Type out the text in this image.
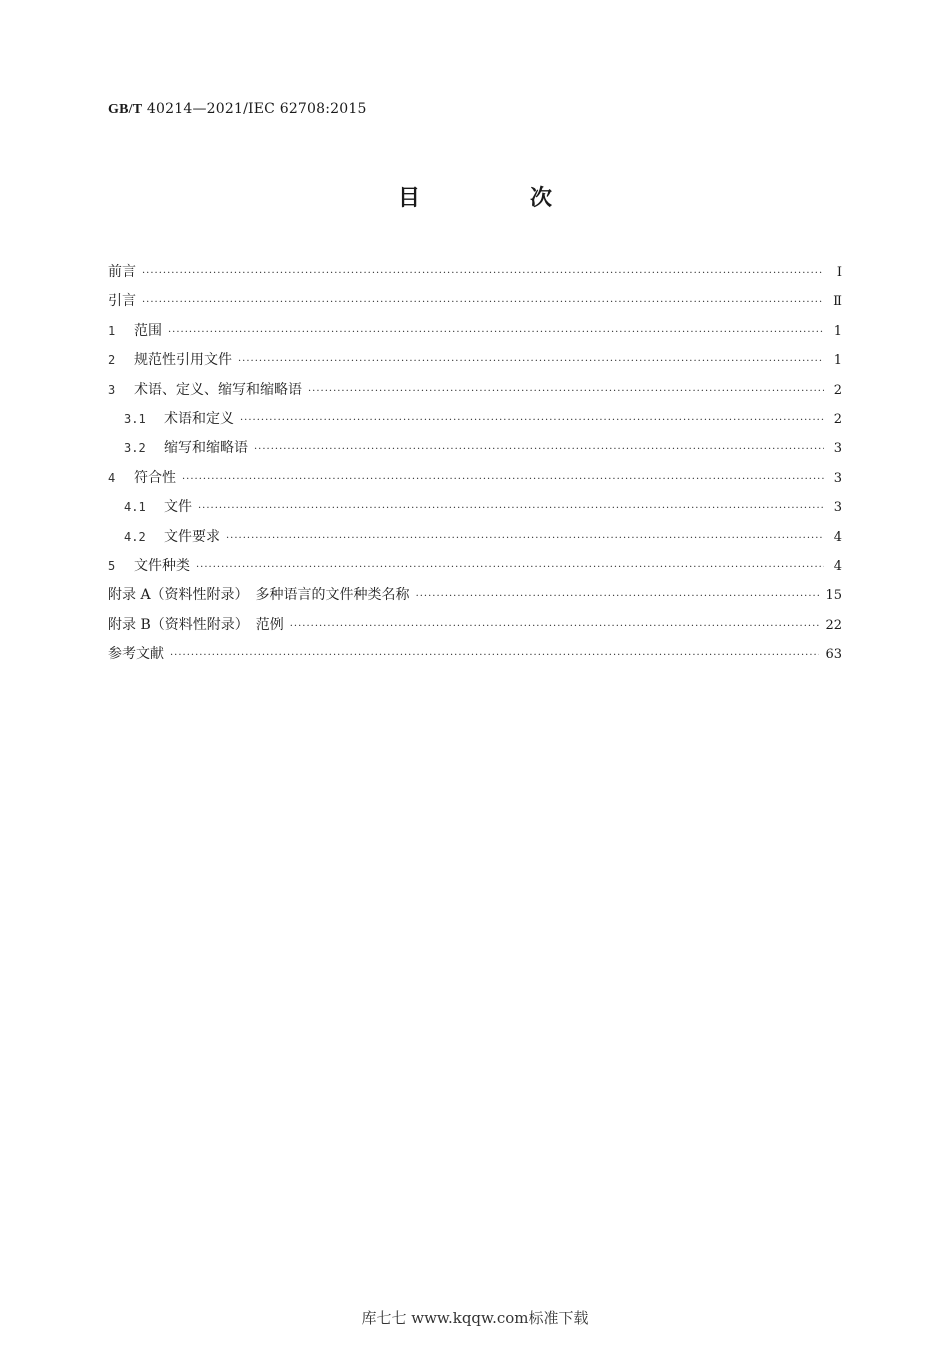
GB/T 40214—2021/IEC 62708:2015
目　次
前言 ·····	Ⅰ
引言 ·····	Ⅱ
1	范围 ·····	1
2	规范性引用文件 ·····	1
3	术语、定义、缩写和缩略语 ·····	2
3.1	术语和定义 ·····	2
3.2	缩写和缩略语 ·····	3
4	符合性 ·····	3
4.1	文件 ·····	3
4.2	文件要求 ·····	4
5	文件种类 ·····	4
附录 A（资料性附录）　多种语言的文件种类名称 ·····	15
附录 B（资料性附录）　范例 ·····	22
参考文献 ·····	63
库七七 www.kqqw.com标准下载
